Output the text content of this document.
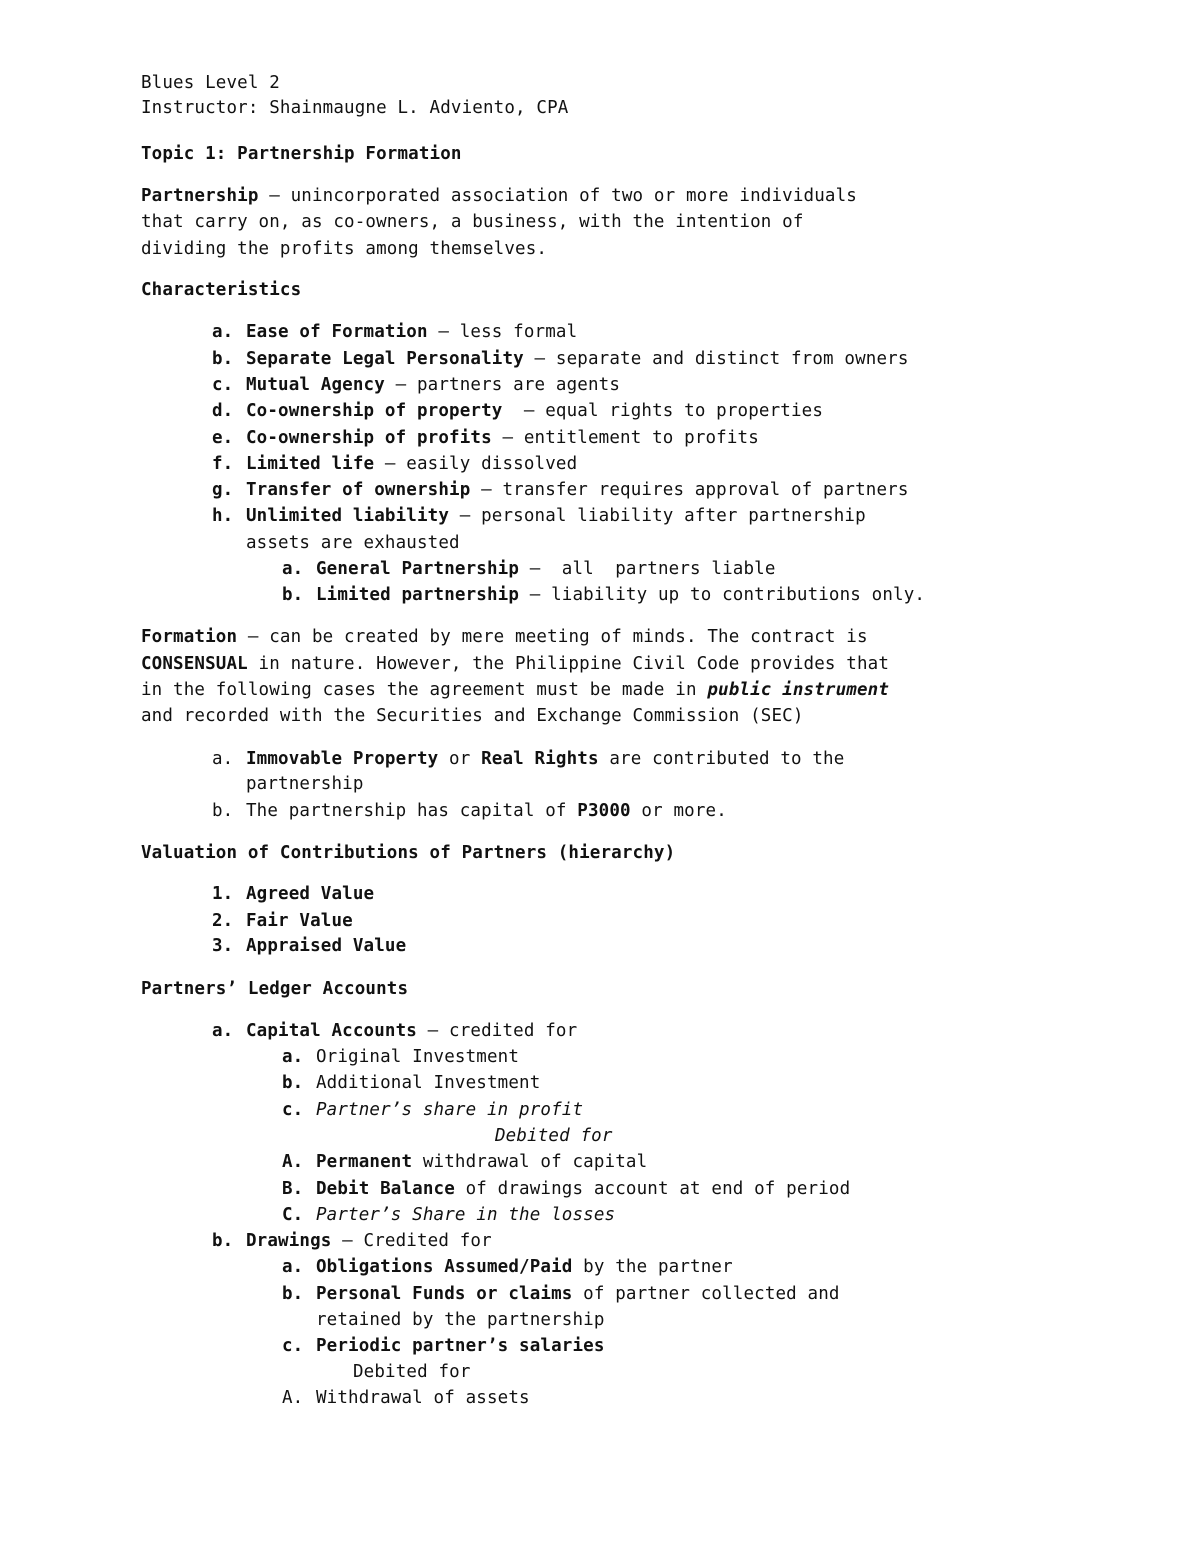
Blues Level 2
Instructor: Shainmaugne L. Adviento, CPA
Topic 1: Partnership Formation
Partnership – unincorporated association of two or more individuals
that carry on, as co-owners, a business, with the intention of
dividing the profits among themselves.
Characteristics
a. Ease of Formation – less formal
b. Separate Legal Personality – separate and distinct from owners
c. Mutual Agency – partners are agents
d. Co-ownership of property  – equal rights to properties
e. Co-ownership of profits – entitlement to profits
f. Limited life – easily dissolved
g. Transfer of ownership – transfer requires approval of partners
h. Unlimited liability – personal liability after partnership
assets are exhausted
a. General Partnership –  all  partners liable
b. Limited partnership – liability up to contributions only.
Formation – can be created by mere meeting of minds. The contract is
CONSENSUAL in nature. However, the Philippine Civil Code provides that
in the following cases the agreement must be made in public instrument
and recorded with the Securities and Exchange Commission (SEC)
a. Immovable Property or Real Rights are contributed to the
partnership
b. The partnership has capital of P3000 or more.
Valuation of Contributions of Partners (hierarchy)
1. Agreed Value
2. Fair Value
3. Appraised Value
Partners’ Ledger Accounts
a. Capital Accounts – credited for
a. Original Investment
b. Additional Investment
c. Partner’s share in profit
Debited for
A. Permanent withdrawal of capital
B. Debit Balance of drawings account at end of period
C. Parter’s Share in the losses
b. Drawings – Credited for
a. Obligations Assumed/Paid by the partner
b. Personal Funds or claims of partner collected and
retained by the partnership
c. Periodic partner’s salaries
Debited for
A. Withdrawal of assets
